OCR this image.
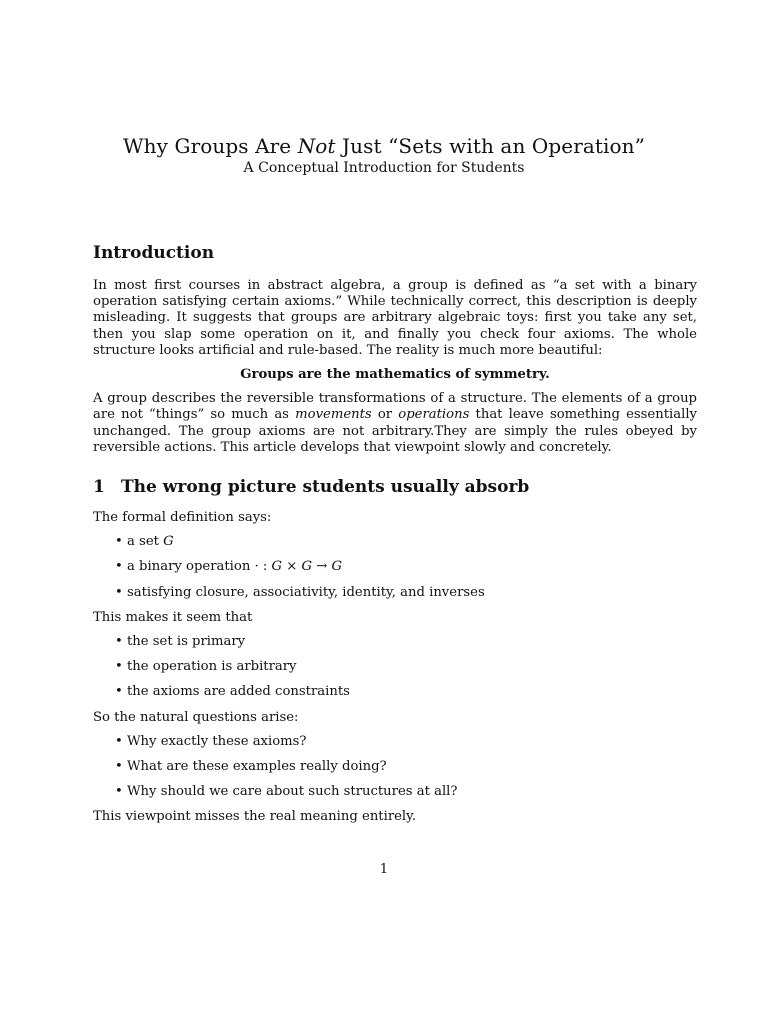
Why Groups Are Not Just “Sets with an Operation”
A Conceptual Introduction for Students
Introduction

In most first courses in abstract algebra, a group is defined as “a set with a binary operation satisfying certain axioms.” While technically correct, this description is deeply misleading. It suggests that groups are arbitrary algebraic toys: first you take any set, then you slap some operation on it, and finally you check four axioms. The whole structure looks artificial and rule-based. The reality is much more beautiful:

Groups are the mathematics of symmetry.

A group describes the reversible transformations of a structure. The elements of a group are not “things” so much as movements or operations that leave something essentially unchanged. The group axioms are not arbitrary.They are simply the rules obeyed by reversible actions. This article develops that viewpoint slowly and concretely.

1 The wrong picture students usually absorb

The formal definition says:

• a set G
• a binary operation · : G × G → G
• satisfying closure, associativity, identity, and inverses

This makes it seem that

• the set is primary
• the operation is arbitrary
• the axioms are added constraints

So the natural questions arise:

• Why exactly these axioms?
• What are these examples really doing?
• Why should we care about such structures at all?

This viewpoint misses the real meaning entirely.

1
